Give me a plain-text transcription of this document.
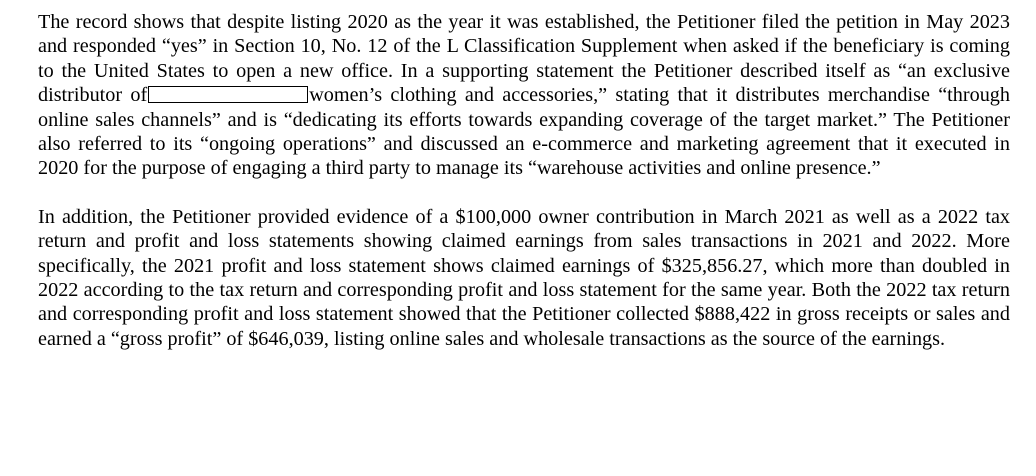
The record shows that despite listing 2020 as the year it was established, the Petitioner filed the petition in May 2023 and responded “yes” in Section 10, No. 12 of the L Classification Supplement when asked if the beneficiary is coming to the United States to open a new office. In a supporting statement the Petitioner described itself as “an exclusive distributor of	women’s clothing and accessories,” stating that it distributes merchandise “through online sales channels” and is “dedicating its efforts towards expanding coverage of the target market.” The Petitioner also referred to its “ongoing operations” and discussed an e-commerce and marketing agreement that it executed in 2020 for the purpose of engaging a third party to manage its “warehouse activities and online presence.”

In addition, the Petitioner provided evidence of a $100,000 owner contribution in March 2021 as well as a 2022 tax return and profit and loss statements showing claimed earnings from sales transactions in 2021 and 2022. More specifically, the 2021 profit and loss statement shows claimed earnings of $325,856.27, which more than doubled in 2022 according to the tax return and corresponding profit and loss statement for the same year. Both the 2022 tax return and corresponding profit and loss statement showed that the Petitioner collected $888,422 in gross receipts or sales and earned a “gross profit” of $646,039, listing online sales and wholesale transactions as the source of the earnings.
